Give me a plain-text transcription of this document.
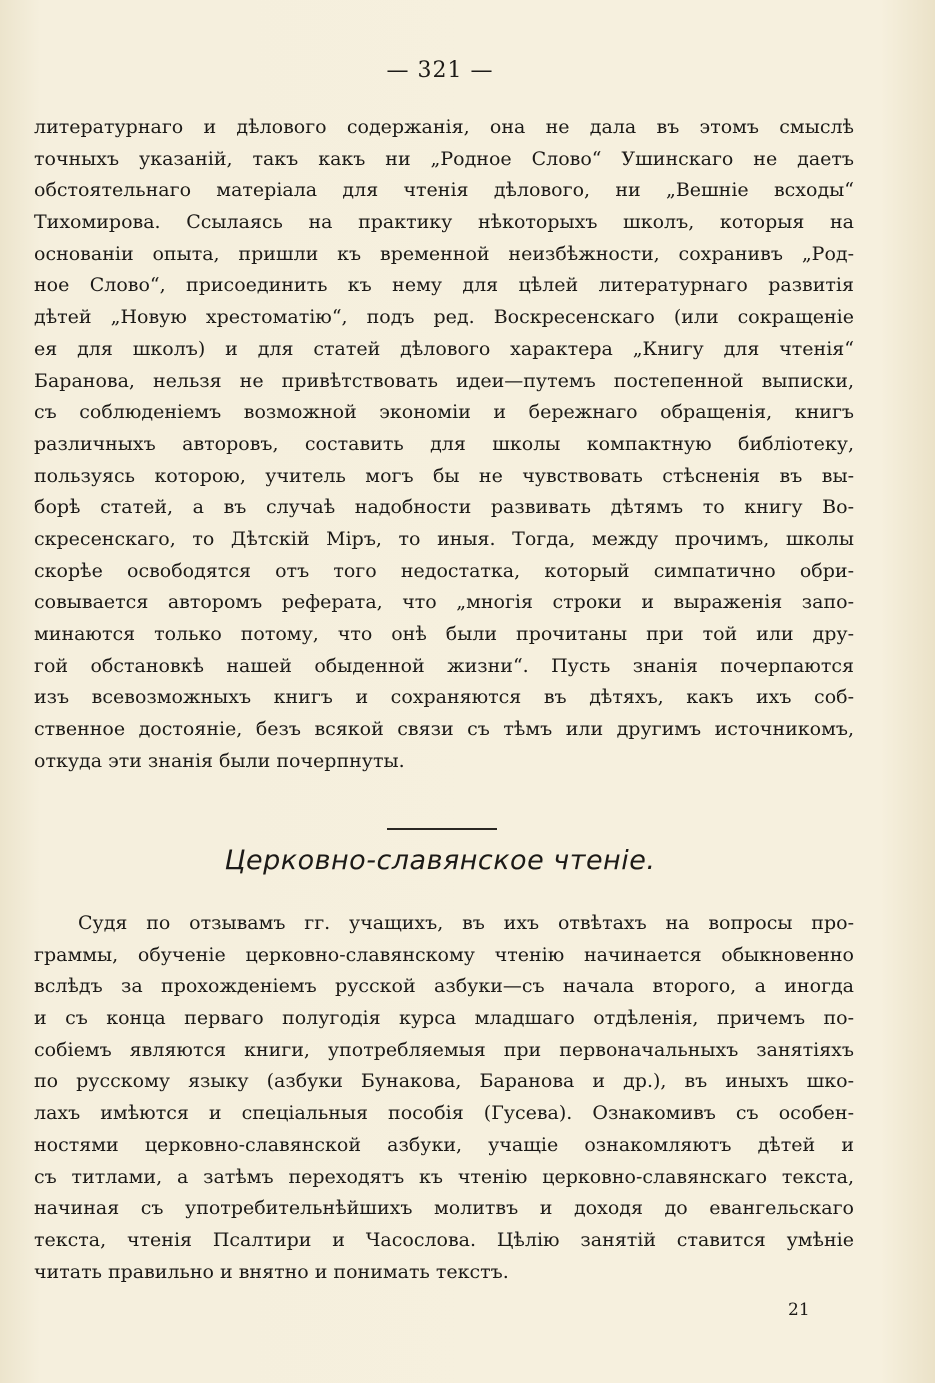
— 321 —
литературнаго и дѣлового содержанія, она не дала въ этомъ смыслѣ
точныхъ указаній, такъ какъ ни „Родное Слово“ Ушинскаго не даетъ
обстоятельнаго матеріала для чтенія дѣлового, ни „Вешніе всходы“
Тихомирова. Ссылаясь на практику нѣкоторыхъ школъ, которыя на
основаніи опыта, пришли къ временной неизбѣжности, сохранивъ „Род-
ное Слово“, присоединить къ нему для цѣлей литературнаго развитія
дѣтей „Новую хрестоматію“, подъ ред. Воскресенскаго (или сокращеніе
ея для школъ) и для статей дѣлового характера „Книгу для чтенія“
Баранова, нельзя не привѣтствовать идеи—путемъ постепенной выписки,
съ соблюденіемъ возможной экономіи и бережнаго обращенія, книгъ
различныхъ авторовъ, составить для школы компактную библіотеку,
пользуясь которою, учитель могъ бы не чувствовать стѣсненія въ вы-
борѣ статей, а въ случаѣ надобности развивать дѣтямъ то книгу Во-
скресенскаго, то Дѣтскій Міръ, то иныя. Тогда, между прочимъ, школы
скорѣе освободятся отъ того недостатка, который симпатично обри-
совывается авторомъ реферата, что „многія строки и выраженія запо-
минаются только потому, что онѣ были прочитаны при той или дру-
гой обстановкѣ нашей обыденной жизни“. Пусть знанія почерпаются
изъ всевозможныхъ книгъ и сохраняются въ дѣтяхъ, какъ ихъ соб-
ственное достояніе, безъ всякой связи съ тѣмъ или другимъ источникомъ,
откуда эти знанія были почерпнуты.
Церковно-славянское чтеніе.
Судя по отзывамъ гг. учащихъ, въ ихъ отвѣтахъ на вопросы про-
граммы, обученіе церковно-славянскому чтенію начинается обыкновенно
вслѣдъ за прохожденіемъ русской азбуки—съ начала второго, а иногда
и съ конца перваго полугодія курса младшаго отдѣленія, причемъ по-
собіемъ являются книги, употребляемыя при первоначальныхъ занятіяхъ
по русскому языку (азбуки Бунакова, Баранова и др.), въ иныхъ шко-
лахъ имѣются и спеціальныя пособія (Гусева). Ознакомивъ съ особен-
ностями церковно-славянской азбуки, учащіе ознакомляютъ дѣтей и
съ титлами, а затѣмъ переходятъ къ чтенію церковно-славянскаго текста,
начиная съ употребительнѣйшихъ молитвъ и доходя до евангельскаго
текста, чтенія Псалтири и Часослова. Цѣлію занятій ставится умѣніе
читать правильно и внятно и понимать текстъ.
21
